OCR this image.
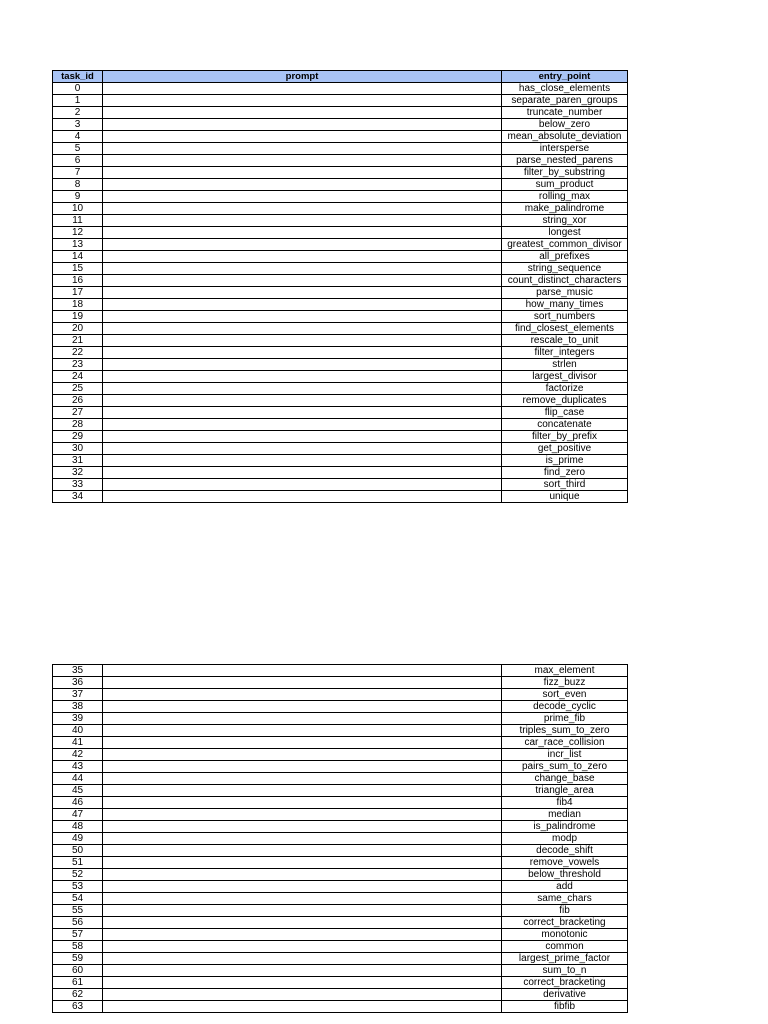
task_id	prompt	entry_point
0		has_close_elements
1		separate_paren_groups
2		truncate_number
3		below_zero
4		mean_absolute_deviation
5		intersperse
6		parse_nested_parens
7		filter_by_substring
8		sum_product
9		rolling_max
10		make_palindrome
11		string_xor
12		longest
13		greatest_common_divisor
14		all_prefixes
15		string_sequence
16		count_distinct_characters
17		parse_music
18		how_many_times
19		sort_numbers
20		find_closest_elements
21		rescale_to_unit
22		filter_integers
23		strlen
24		largest_divisor
25		factorize
26		remove_duplicates
27		flip_case
28		concatenate
29		filter_by_prefix
30		get_positive
31		is_prime
32		find_zero
33		sort_third
34		unique
35		max_element
36		fizz_buzz
37		sort_even
38		decode_cyclic
39		prime_fib
40		triples_sum_to_zero
41		car_race_collision
42		incr_list
43		pairs_sum_to_zero
44		change_base
45		triangle_area
46		fib4
47		median
48		is_palindrome
49		modp
50		decode_shift
51		remove_vowels
52		below_threshold
53		add
54		same_chars
55		fib
56		correct_bracketing
57		monotonic
58		common
59		largest_prime_factor
60		sum_to_n
61		correct_bracketing
62		derivative
63		fibfib
